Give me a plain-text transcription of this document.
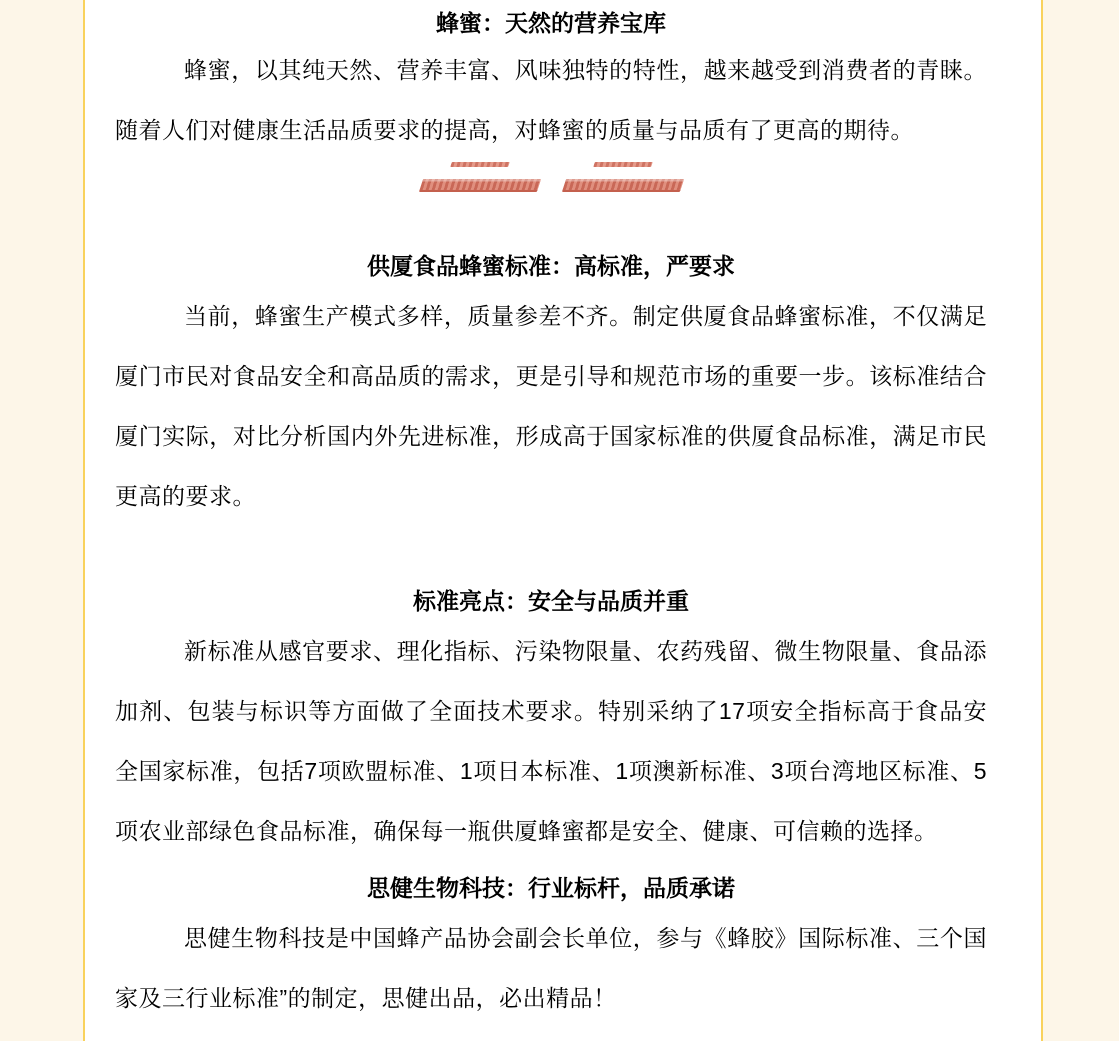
蜂蜜：天然的营养宝库

蜂蜜，以其纯天然、营养丰富、风味独特的特性，越来越受到消费者的青睐。随着人们对健康生活品质要求的提高，对蜂蜜的质量与品质有了更高的期待。

供厦食品蜂蜜标准：高标准，严要求

当前，蜂蜜生产模式多样，质量参差不齐。制定供厦食品蜂蜜标准，不仅满足厦门市民对食品安全和高品质的需求，更是引导和规范市场的重要一步。该标准结合厦门实际，对比分析国内外先进标准，形成高于国家标准的供厦食品标准，满足市民更高的要求。

标准亮点：安全与品质并重

新标准从感官要求、理化指标、污染物限量、农药残留、微生物限量、食品添加剂、包装与标识等方面做了全面技术要求。特别采纳了17项安全指标高于食品安全国家标准，包括7项欧盟标准、1项日本标准、1项澳新标准、3项台湾地区标准、5项农业部绿色食品标准，确保每一瓶供厦蜂蜜都是安全、健康、可信赖的选择。

思健生物科技：行业标杆，品质承诺

思健生物科技是中国蜂产品协会副会长单位，参与《蜂胶》国际标准、三个国家及三行业标准”的制定，思健出品，必出精品！
